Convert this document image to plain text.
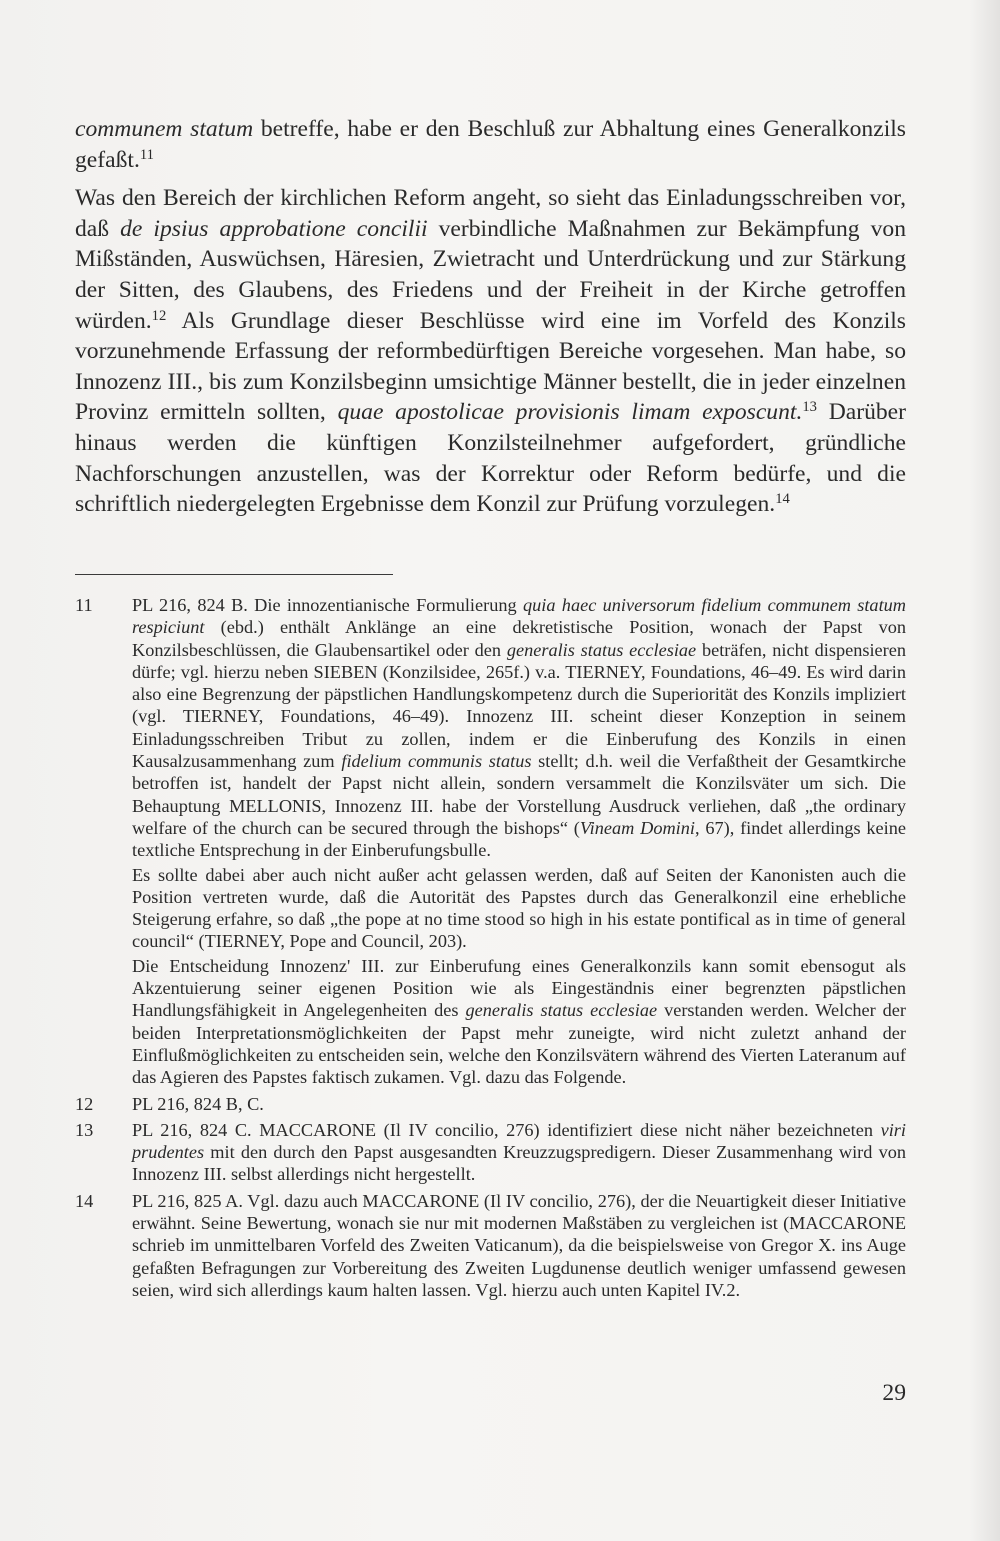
communem statum betreffe, habe er den Beschluß zur Abhaltung eines Generalkonzils gefaßt.$^{11}$

Was den Bereich der kirchlichen Reform angeht, so sieht das Einladungsschreiben vor, daß de ipsius approbatione concilii verbindliche Maßnahmen zur Bekämpfung von Mißständen, Auswüchsen, Häresien, Zwietracht und Unterdrückung und zur Stärkung der Sitten, des Glaubens, des Friedens und der Freiheit in der Kirche getroffen würden.$^{12}$ Als Grundlage dieser Beschlüsse wird eine im Vorfeld des Konzils vorzunehmende Erfassung der reformbedürftigen Bereiche vorgesehen. Man habe, so Innozenz III., bis zum Konzilsbeginn umsichtige Männer bestellt, die in jeder einzelnen Provinz ermitteln sollten, quae apostolicae provisionis limam exposcunt.$^{13}$ Darüber hinaus werden die künftigen Konzilsteilnehmer aufgefordert, gründliche Nachforschungen anzustellen, was der Korrektur oder Reform bedürfe, und die schriftlich niedergelegten Ergebnisse dem Konzil zur Prüfung vorzulegen.$^{14}$

11	PL 216, 824 B. Die innozentianische Formulierung quia haec universorum fidelium communem statum respiciunt (ebd.) enthält Anklänge an eine dekretistische Position, wonach der Papst von Konzilsbeschlüssen, die Glaubensartikel oder den generalis status ecclesiae beträfen, nicht dispensieren dürfe; vgl. hierzu neben SIEBEN (Konzilsidee, 265f.) v.a. TIERNEY, Foundations, 46–49. Es wird darin also eine Begrenzung der päpstlichen Handlungskompetenz durch die Superiorität des Konzils impliziert (vgl. TIERNEY, Foundations, 46–49). Innozenz III. scheint dieser Konzeption in seinem Einladungsschreiben Tribut zu zollen, indem er die Einberufung des Konzils in einen Kausalzusammenhang zum fidelium communis status stellt; d.h. weil die Verfaßtheit der Gesamtkirche betroffen ist, handelt der Papst nicht allein, sondern versammelt die Konzilsväter um sich. Die Behauptung MELLONIS, Innozenz III. habe der Vorstellung Ausdruck verliehen, daß „the ordinary welfare of the church can be secured through the bishops“ (Vineam Domini, 67), findet allerdings keine textliche Entsprechung in der Einberufungsbulle.

Es sollte dabei aber auch nicht außer acht gelassen werden, daß auf Seiten der Kanonisten auch die Position vertreten wurde, daß die Autorität des Papstes durch das Generalkonzil eine erhebliche Steigerung erfahre, so daß „the pope at no time stood so high in his estate pontifical as in time of general council“ (TIERNEY, Pope and Council, 203).

Die Entscheidung Innozenz' III. zur Einberufung eines Generalkonzils kann somit ebensogut als Akzentuierung seiner eigenen Position wie als Eingeständnis einer begrenzten päpstlichen Handlungsfähigkeit in Angelegenheiten des generalis status ecclesiae verstanden werden. Welcher der beiden Interpretationsmöglichkeiten der Papst mehr zuneigte, wird nicht zuletzt anhand der Einflußmöglichkeiten zu entscheiden sein, welche den Konzilsvätern während des Vierten Lateranum auf das Agieren des Papstes faktisch zukamen. Vgl. dazu das Folgende.

12	PL 216, 824 B, C.

13	PL 216, 824 C. MACCARONE (Il IV concilio, 276) identifiziert diese nicht näher bezeichneten viri prudentes mit den durch den Papst ausgesandten Kreuzzugspredigern. Dieser Zusammenhang wird von Innozenz III. selbst allerdings nicht hergestellt.

14	PL 216, 825 A. Vgl. dazu auch MACCARONE (Il IV concilio, 276), der die Neuartigkeit dieser Initiative erwähnt. Seine Bewertung, wonach sie nur mit modernen Maßstäben zu vergleichen ist (MACCARONE schrieb im unmittelbaren Vorfeld des Zweiten Vaticanum), da die beispielsweise von Gregor X. ins Auge gefaßten Befragungen zur Vorbereitung des Zweiten Lugdunense deutlich weniger umfassend gewesen seien, wird sich allerdings kaum halten lassen. Vgl. hierzu auch unten Kapitel IV.2.

29
